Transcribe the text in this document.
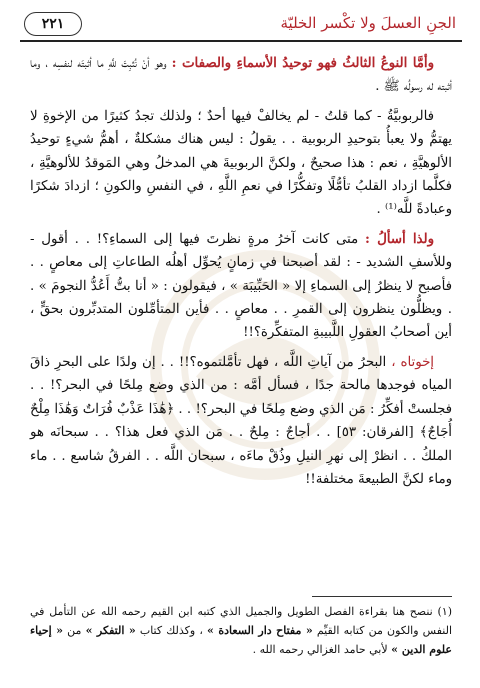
الجنِ العسلَ ولا تكْسر الخليّة
٢٢١

وأمَّا النوعُ الثالثُ فهو توحيدُ الأسماءِ والصفات : وهو أنْ نُثبِتَ للَّهِ ما أثبتَه لنفسِه ، وما أثبته له رسولُه ﷺ .

فالربوبيَّةُ - كما قلتُ - لم يخالفْ فيها أحدٌ ؛ ولذلك تجدُ كثيرًا من الإخوةِ لا يهتمُّ ولا يعبأُ بتوحيدِ الربوبية . . يقولُ : ليس هناك مشكلةٌ ، أهمُّ شيءٍ توحيدُ الألوهيَّةِ ، نعم : هذا صحيحٌ ، ولكنَّ الربوبيةَ هي المدخلُ وهي المَوقدُ للألوهيَّةِ ، فكلَّما ازداد القلبُ تأمُّلًا وتفكُّرًا في نعمِ اللَّهِ ، في النفسِ والكونِ ؛ ازدادَ شكرًا وعبادةً للَّه⁽¹⁾ .

ولذا أسألُ : متى كانت آخرُ مرةٍ نظرتَ فيها إلى السماءِ؟! . . أقول - وللأسفِ الشديد - : لقد أصبحنا في زمانٍ يُحوِّل أهلُه الطاعاتِ إلى معاصٍ . . فأصبح لا ينظرُ إلى السماءِ إلا « الحَبِّيبَة » ، فيقولون : « أنا بتُّ أَعُدُّ النجومَ » . . ويظلُّون ينظرون إلى القمرِ . . معاصٍ . . فأين المتأمِّلون المتدبِّرون بحقٍّ ، أين أصحابُ العقولِ اللَّبيبةِ المتفكِّرة؟!!

إخوتاه ، البحرُ من آياتِ اللَّه ، فهل تأمَّلتموه؟!! . . إن ولدًا على البحرِ ذاقَ المياه فوجدها مالحة جدًا ، فسأل أمَّه : من الذي وضع مِلحًا في البحر؟! . . فجلستْ أفكِّرُ : مَن الذي وضع مِلحًا في البحر؟! . . ﴿هَٰذَا عَذْبٌ فُرَاتٌ وَهَٰذَا مِلْحٌ أُجَاجٌ﴾ [الفرقان: ٥٣] . . أجاجٌ : مِلحٌ . . مَن الذي فعل هذا؟ . . سبحانَه هو الملكُ . . انظرْ إلى نهرِ النيلِ وذُقْ ماءَه ، سبحان اللَّه . . الفرقُ شاسع . . ماء وماء لكنَّ الطبيعةَ مختلفة!!

(١) ننصح هنا بقراءة الفصل الطويل والجميل الذي كتبه ابن القيم رحمه الله عن التأمل في النفس والكون من كتابه القيِّم « مفتاح دار السعادة » ، وكذلك كتاب « التفكر » من « إحياء علوم الدين » لأبي حامد الغزالي رحمه الله .
